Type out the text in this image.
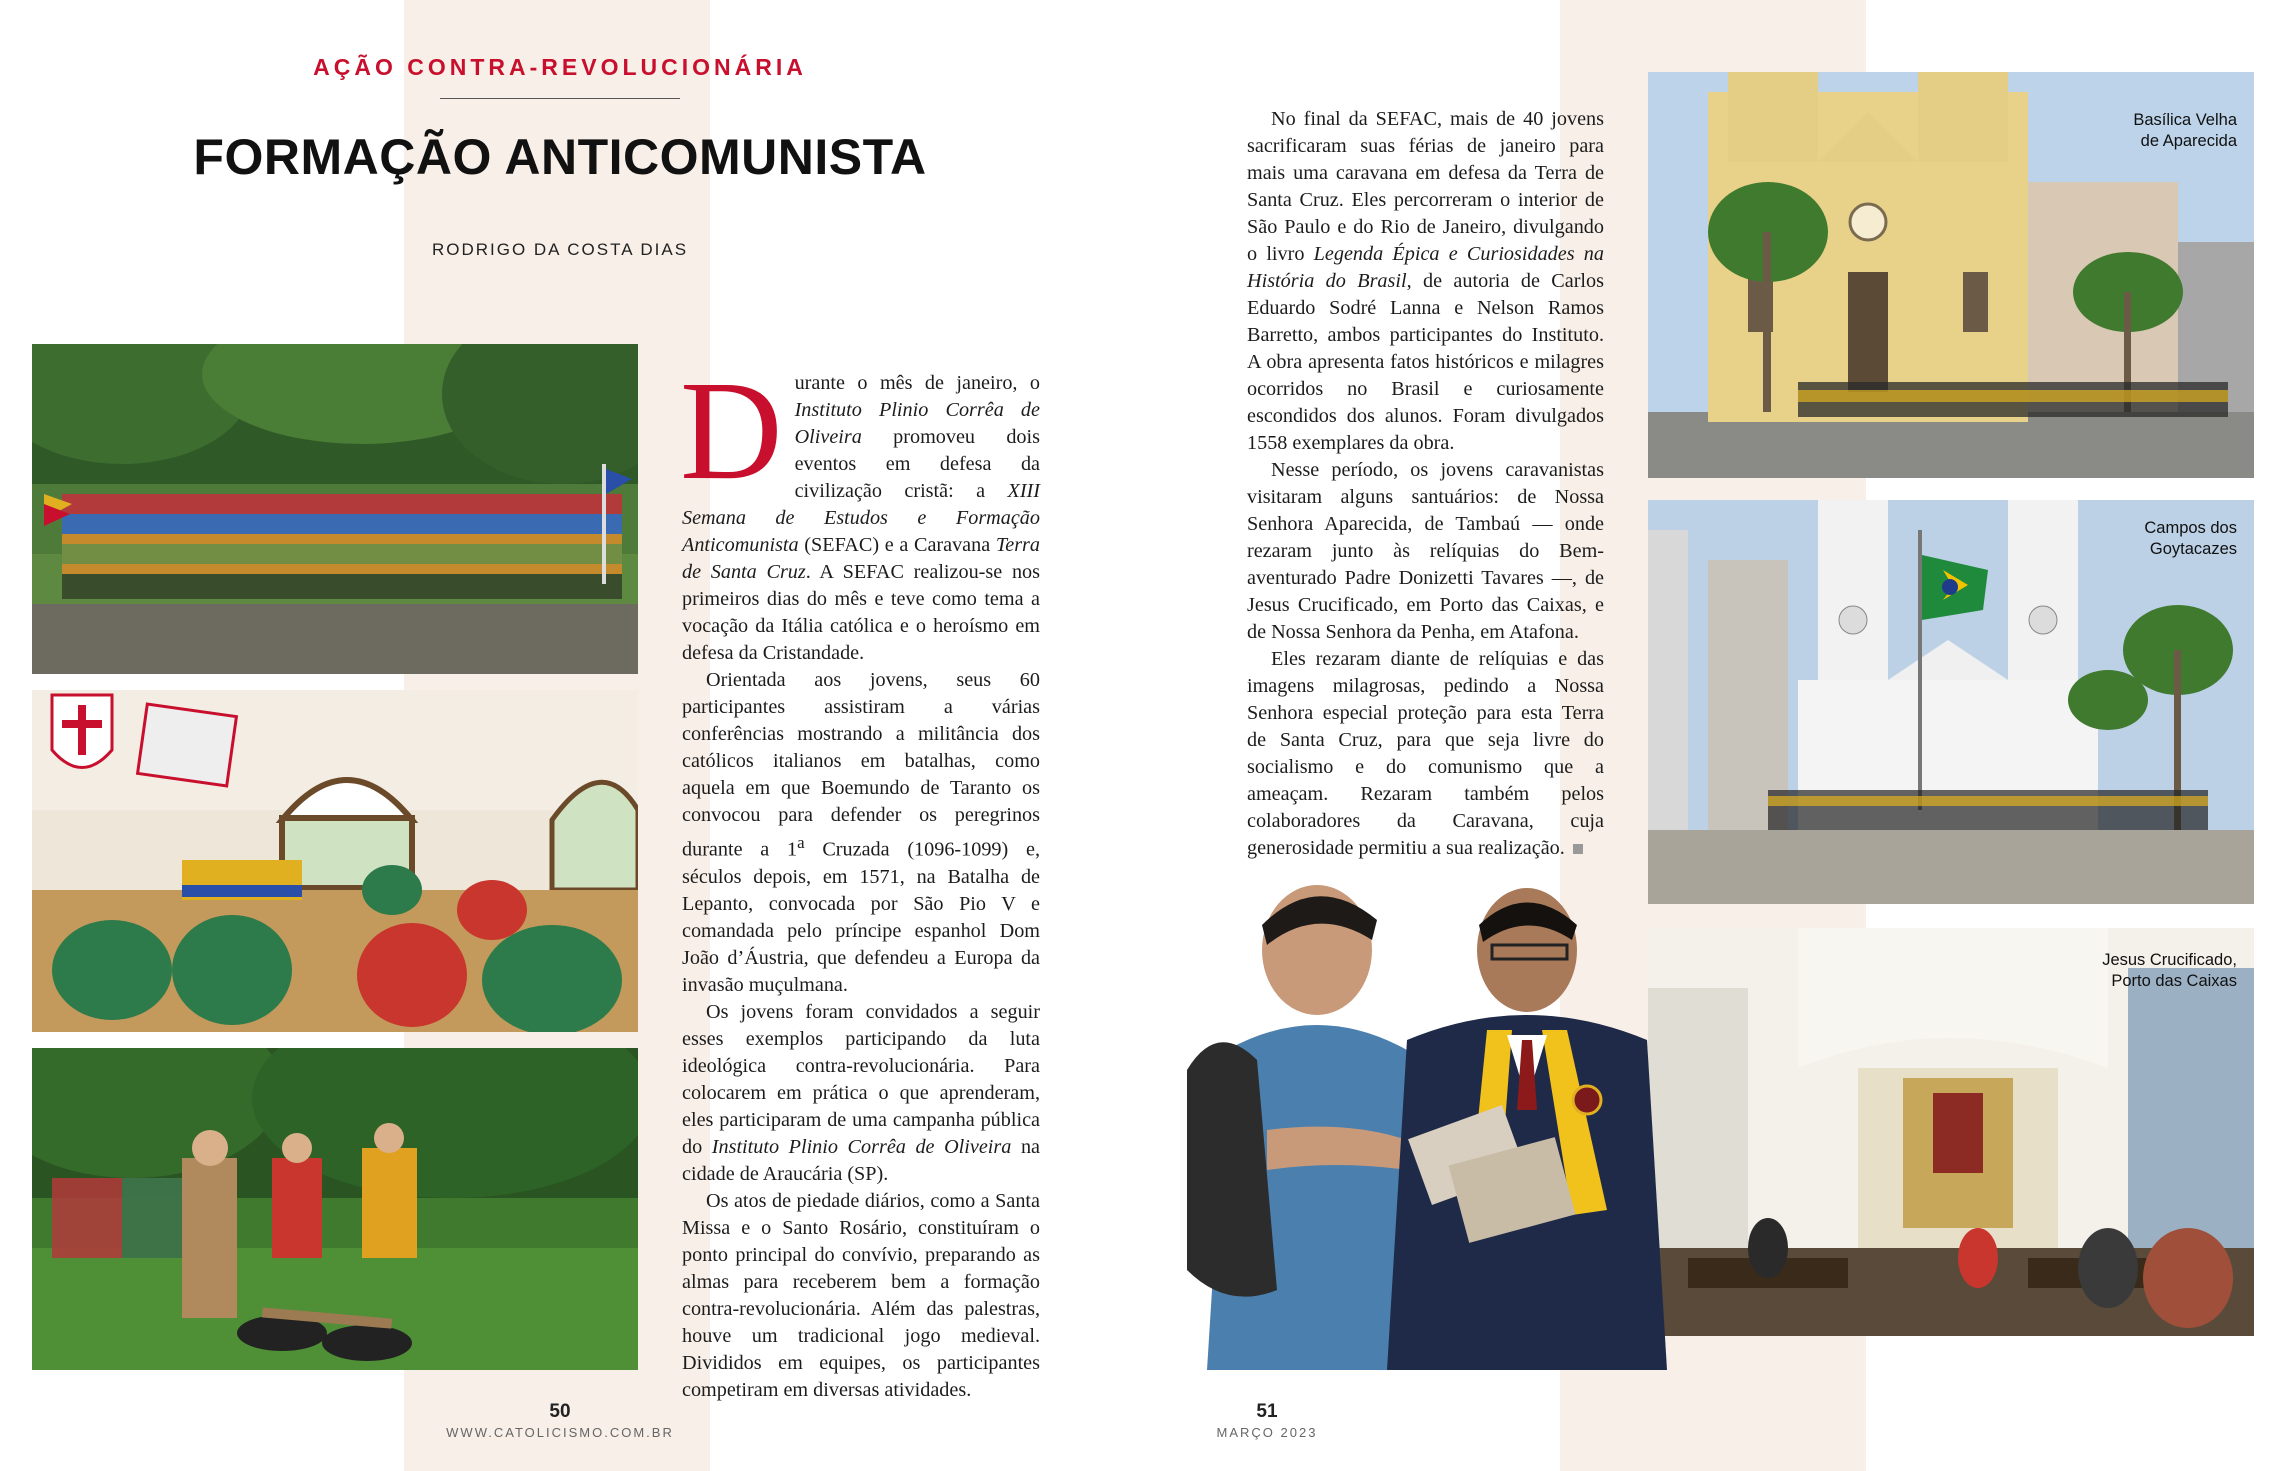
AÇÃO CONTRA-REVOLUCIONÁRIA
FORMAÇÃO ANTICOMUNISTA
RODRIGO DA COSTA DIAS

Durante o mês de janeiro, o Instituto Plinio Corrêa de Oliveira promoveu dois eventos em defesa da civilização cristã: a XIII Semana de Estudos e Formação Anticomunista (SEFAC) e a Caravana Terra de Santa Cruz. A SEFAC realizou-se nos primeiros dias do mês e teve como tema a vocação da Itália católica e o heroísmo em defesa da Cristandade.

Orientada aos jovens, seus 60 participantes assistiram a várias conferências mostrando a militância dos católicos italianos em batalhas, como aquela em que Boemundo de Taranto os convocou para defender os peregrinos durante a 1$^a$ Cruzada (1096-1099) e, séculos depois, em 1571, na Batalha de Lepanto, convocada por São Pio V e comandada pelo príncipe espanhol Dom João d’Áustria, que defendeu a Europa da invasão muçulmana.

Os jovens foram convidados a seguir esses exemplos participando da luta ideológica contra-revolucionária. Para colocarem em prática o que aprenderam, eles participaram de uma campanha pública do Instituto Plinio Corrêa de Oliveira na cidade de Araucária (SP).

Os atos de piedade diários, como a Santa Missa e o Santo Rosário, constituíram o ponto principal do convívio, preparando as almas para receberem bem a formação contra-revolucionária. Além das palestras, houve um tradicional jogo medieval. Divididos em equipes, os participantes competiram em diversas atividades.

50
WWW.CATOLICISMO.COM.BR

No final da SEFAC, mais de 40 jovens sacrificaram suas férias de janeiro para mais uma caravana em defesa da Terra de Santa Cruz. Eles percorreram o interior de São Paulo e do Rio de Janeiro, divulgando o livro Legenda Épica e Curiosidades na História do Brasil, de autoria de Carlos Eduardo Sodré Lanna e Nelson Ramos Barretto, ambos participantes do Instituto. A obra apresenta fatos históricos e milagres ocorridos no Brasil e curiosamente escondidos dos alunos. Foram divulgados 1558 exemplares da obra.

Nesse período, os jovens caravanistas visitaram alguns santuários: de Nossa Senhora Aparecida, de Tambaú — onde rezaram junto às relíquias do Bem-aventurado Padre Donizetti Tavares —, de Jesus Crucificado, em Porto das Caixas, e de Nossa Senhora da Penha, em Atafona.

Eles rezaram diante de relíquias e das imagens milagrosas, pedindo a Nossa Senhora especial proteção para esta Terra de Santa Cruz, para que seja livre do socialismo e do comunismo que a ameaçam. Rezaram também pelos colaboradores da Caravana, cuja generosidade permitiu a sua realização.

Basílica Velha
de Aparecida
Campos dos
Goytacazes
Jesus Crucificado,
Porto das Caixas
51
MARÇO 2023
